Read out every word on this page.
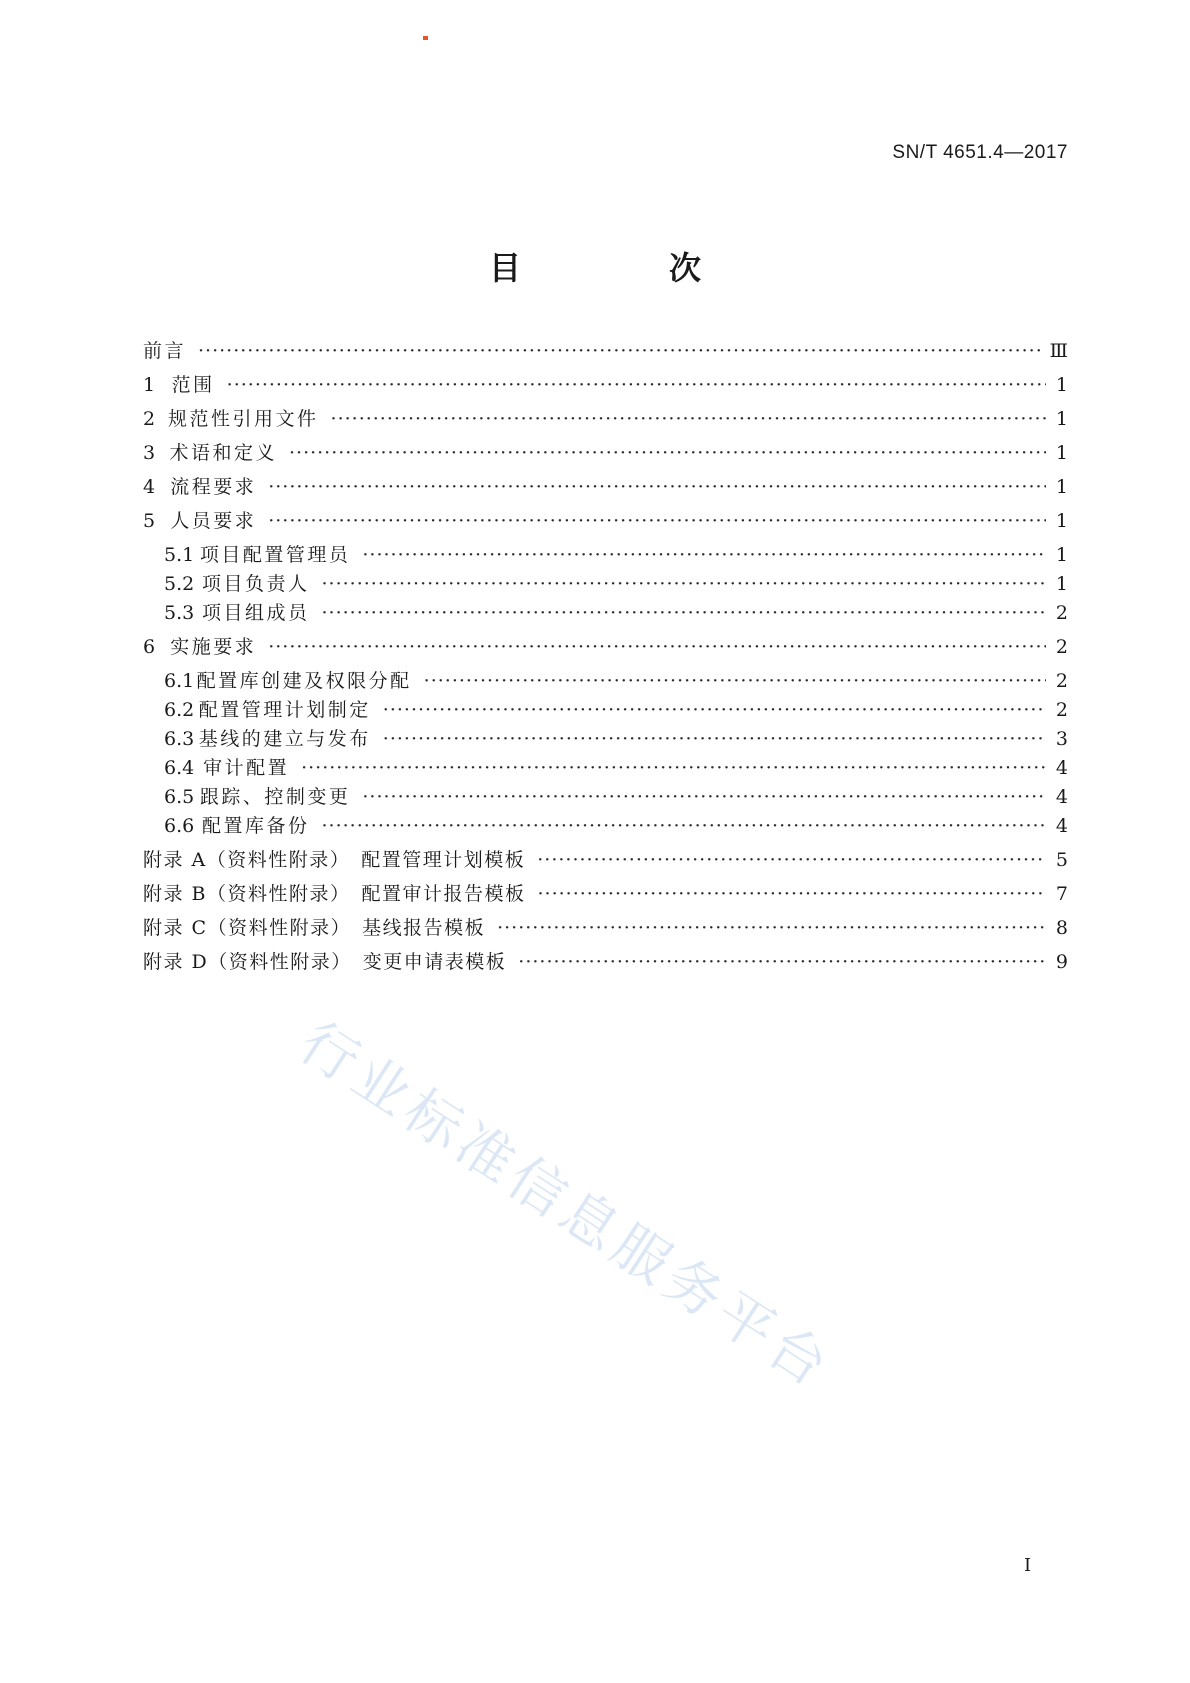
SN/T 4651.4—2017
目　次
前言 ·····	Ⅲ
1 范围 ·····	1
2 规范性引用文件 ·····	1
3 术语和定义 ·····	1
4 流程要求 ·····	1
5 人员要求 ·····	1
5.1 项目配置管理员 ·····	1
5.2 项目负责人 ·····	1
5.3 项目组成员 ·····	2
6 实施要求 ·····	2
6.1 配置库创建及权限分配 ·····	2
6.2 配置管理计划制定 ·····	2
6.3 基线的建立与发布 ·····	3
6.4 审计配置 ·····	4
6.5 跟踪、控制变更 ·····	4
6.6 配置库备份 ·····	4
附录 A（资料性附录）　配置管理计划模板 ·····	5
附录 B（资料性附录）　配置审计报告模板 ·····	7
附录 C（资料性附录）　基线报告模板 ·····	8
附录 D（资料性附录）　变更申请表模板 ·····	9
行业标准信息服务平台
I
